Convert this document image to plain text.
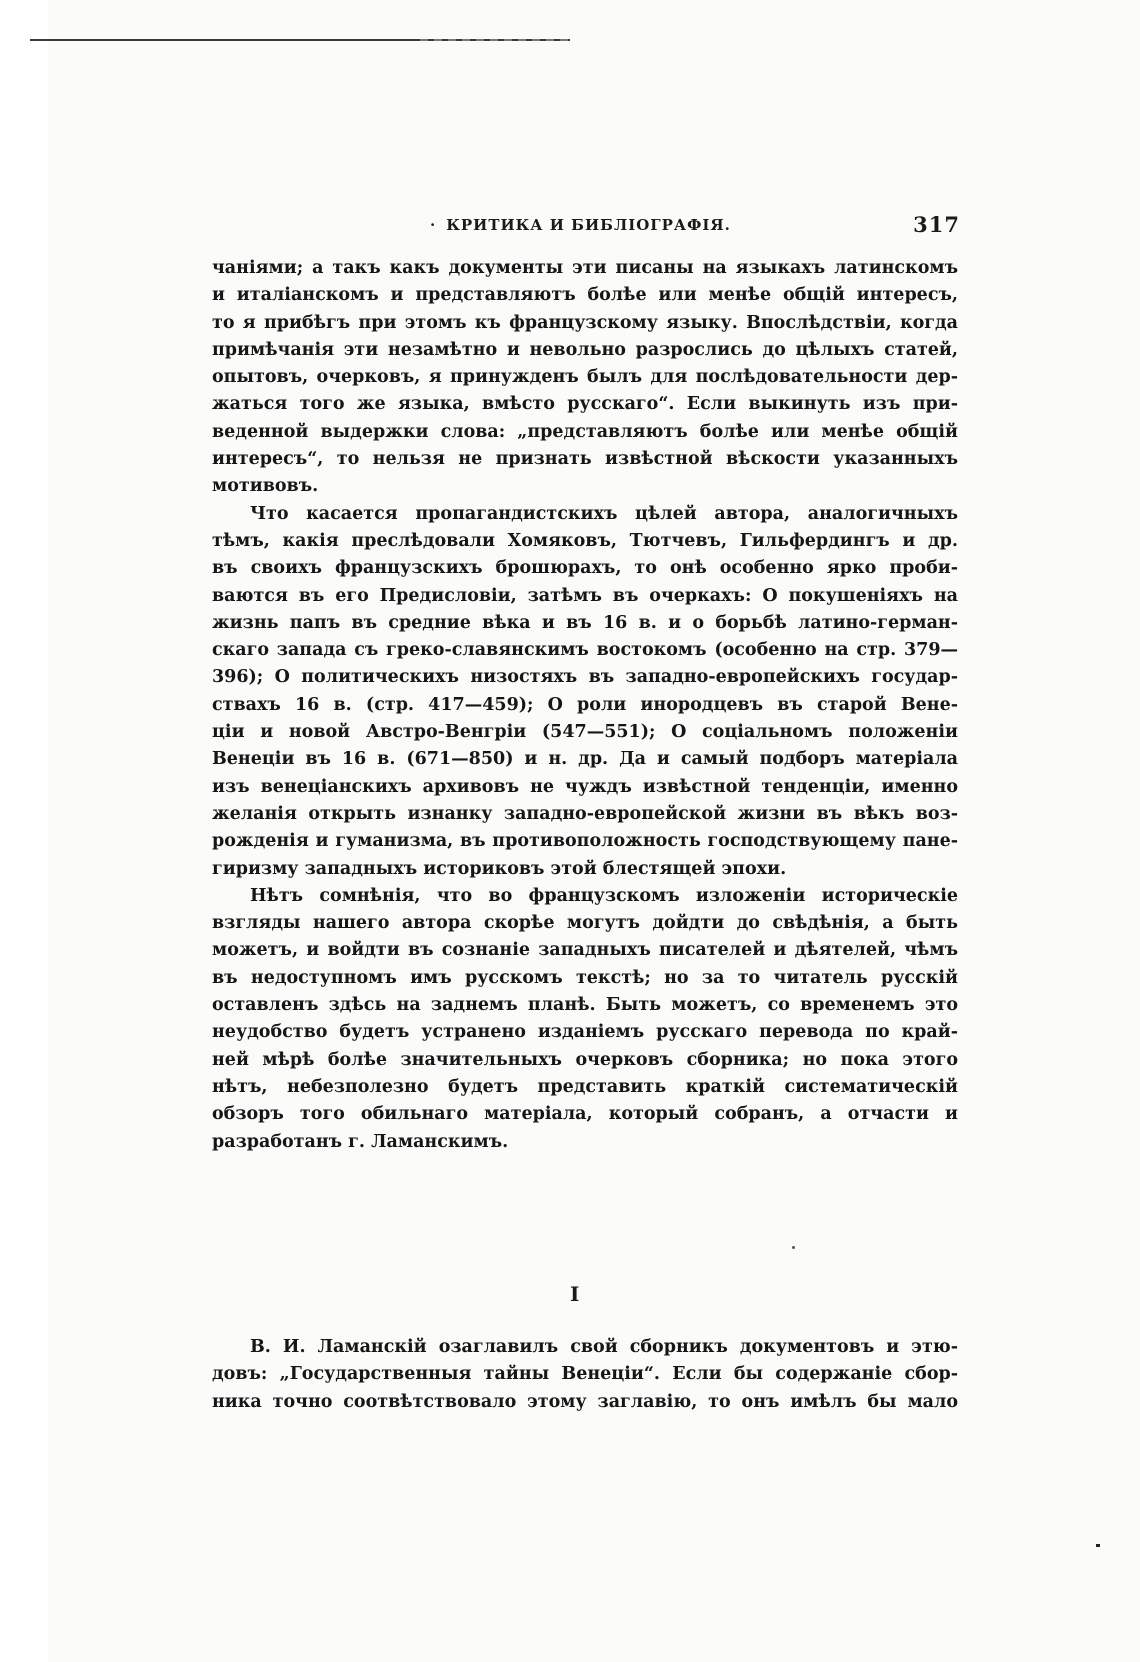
· КРИТИКА И БИБЛIОГРАФIЯ.	317

чанiями; а такъ какъ документы эти писаны на языкахъ латинскомъ
и италiанскомъ и представляютъ болѣе или менѣе общiй интересъ,
то я прибѣгъ при этомъ къ французскому языку. Впослѣдствiи, когда
примѣчанiя эти незамѣтно и невольно разрослись до цѣлыхъ статей,
опытовъ, очерковъ, я принужденъ былъ для послѣдовательности дер-
жаться того же языка, вмѣсто русскаго“. Если выкинуть изъ при-
веденной выдержки слова: „представляютъ болѣе или менѣе общiй
интересъ“, то нельзя не признать извѣстной вѣскости указанныхъ
мотивовъ.

Что касается пропагандистскихъ цѣлей автора, аналогичныхъ
тѣмъ, какiя преслѣдовали Хомяковъ, Тютчевъ, Гильфердингъ и др.
въ своихъ французскихъ брошюрахъ, то онѣ особенно ярко проби-
ваются въ его Предисловiи, затѣмъ въ очеркахъ: О покушенiяхъ на
жизнь папъ въ средние вѣка и въ 16 в. и о борьбѣ латино-герман-
скаго запада съ греко-славянскимъ востокомъ (особенно на стр. 379—
396); О политическихъ низостяхъ въ западно-европейскихъ государ-
ствахъ 16 в. (стр. 417—459); О роли инородцевъ въ старой Вене-
цiи и новой Австро-Венгрiи (547—551); О соцiальномъ положенiи
Венецiи въ 16 в. (671—850) и н. др. Да и самый подборъ матерiала
изъ венецiанскихъ архивовъ не чуждъ извѣстной тенденцiи, именно
желанiя открыть изнанку западно-европейской жизни въ вѣкъ воз-
рожденiя и гуманизма, въ противоположность господствующему пане-
гиризму западныхъ историковъ этой блестящей эпохи.

Нѣтъ сомнѣнiя, что во французскомъ изложенiи историческiе
взгляды нашего автора скорѣе могутъ дойдти до свѣдѣнiя, а быть
можетъ, и войдти въ сознанiе западныхъ писателей и дѣятелей, чѣмъ
въ недоступномъ имъ русскомъ текстѣ; но за то читатель русскiй
оставленъ здѣсь на заднемъ планѣ. Быть можетъ, со временемъ это
неудобство будетъ устранено изданiемъ русскаго перевода по край-
ней мѣрѣ болѣе значительныхъ очерковъ сборника; но пока этого
нѣтъ, небезполезно будетъ представить краткiй систематическiй
обзоръ того обильнаго матерiала, который собранъ, а отчасти и
разработанъ г. Ламанскимъ.

I

В. И. Ламанскiй озаглавилъ свой сборникъ документовъ и этю-
довъ: „Государственныя тайны Венецiи“. Если бы содержанiе сбор-
ника точно соотвѣтствовало этому заглавiю, то онъ имѣлъ бы мало
